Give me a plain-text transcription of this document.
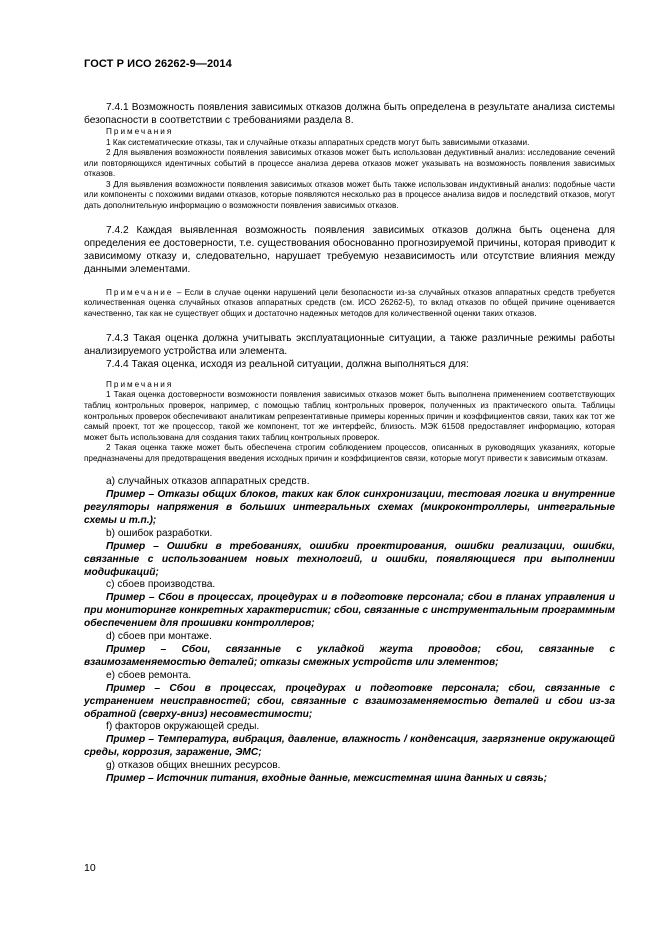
ГОСТ Р ИСО 26262-9—2014

7.4.1 Возможность появления зависимых отказов должна быть определена в результате анализа системы безопасности в соответствии с требованиями раздела 8.

Примечания

1 Как систематические отказы, так и случайные отказы аппаратных средств могут быть зависимыми отказами.

2 Для выявления возможности появления зависимых отказов может быть использован дедуктивный анализ: исследование сечений или повторяющихся идентичных событий в процессе анализа дерева отказов может указывать на возможность появления зависимых отказов.

3 Для выявления возможности появления зависимых отказов может быть также использован индуктивный анализ: подобные части или компоненты с похожими видами отказов, которые появляются несколько раз в процессе анализа видов и последствий отказов, могут дать дополнительную информацию о возможности появления зависимых отказов.

7.4.2 Каждая выявленная возможность появления зависимых отказов должна быть оценена для определения ее достоверности, т.е. существования обоснованно прогнозируемой причины, которая приводит к зависимому отказу и, следовательно, нарушает требуемую независимость или отсутствие влияния между данными элементами.

Примечание – Если в случае оценки нарушений цели безопасности из-за случайных отказов аппаратных средств требуется количественная оценка случайных отказов аппаратных средств (см. ИСО 26262-5), то вклад отказов по общей причине оценивается качественно, так как не существует общих и достаточно надежных методов для количественной оценки таких отказов.

7.4.3 Такая оценка должна учитывать эксплуатационные ситуации, а также различные режимы работы анализируемого устройства или элемента.

7.4.4 Такая оценка, исходя из реальной ситуации, должна выполняться для:

Примечания

1 Такая оценка достоверности возможности появления зависимых отказов может быть выполнена применением соответствующих таблиц контрольных проверок, например, с помощью таблиц контрольных проверок, полученных из практического опыта. Таблицы контрольных проверок обеспечивают аналитикам репрезентативные примеры коренных причин и коэффициентов связи, таких как тот же самый проект, тот же процессор, такой же компонент, тот же интерфейс, близость. МЭК 61508 предоставляет информацию, которая может быть использована для создания таких таблиц контрольных проверок.

2 Такая оценка также может быть обеспечена строгим соблюдением процессов, описанных в руководящих указаниях, которые предназначены для предотвращения введения исходных причин и коэффициентов связи, которые могут привести к зависимым отказам.

а) случайных отказов аппаратных средств.

Пример – Отказы общих блоков, таких как блок синхронизации, тестовая логика и внутренние регуляторы напряжения в больших интегральных схемах (микроконтроллеры, интегральные схемы и т.п.);

b) ошибок разработки.

Пример – Ошибки в требованиях, ошибки проектирования, ошибки реализации, ошибки, связанные с использованием новых технологий, и ошибки, появляющиеся при выполнении модификаций;

с) сбоев производства.

Пример – Сбои в процессах, процедурах и в подготовке персонала; сбои в планах управления и при мониторинге конкретных характеристик; сбои, связанные с инструментальным программным обеспечением для прошивки контроллеров;

d) сбоев при монтаже.

Пример – Сбои, связанные с укладкой жгута проводов; сбои, связанные с взаимозаменяемостью деталей; отказы смежных устройств или элементов;

е) сбоев ремонта.

Пример – Сбои в процессах, процедурах и подготовке персонала; сбои, связанные с устранением неисправностей; сбои, связанные с взаимозаменяемостью деталей и сбои из-за обратной (сверху-вниз) несовместимости;

f) факторов окружающей среды.

Пример – Температура, вибрация, давление, влажность / конденсация, загрязнение окружающей среды, коррозия, заражение, ЭМС;

g) отказов общих внешних ресурсов.

Пример – Источник питания, входные данные, межсистемная шина данных и связь;

10
